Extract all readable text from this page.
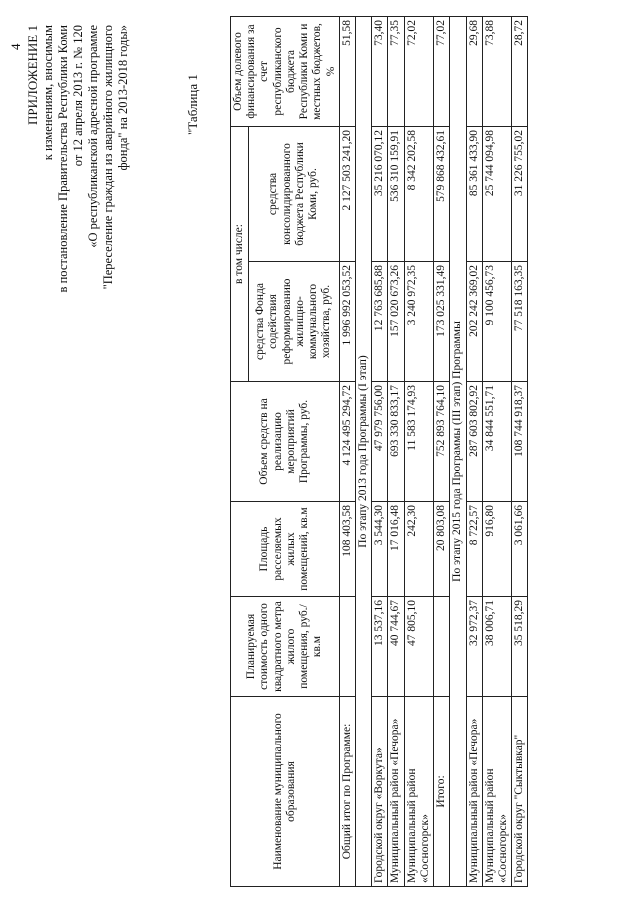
4 ПРИЛОЖЕНИЕ 1 к изменениям, вносимым в постановление Правительства Республики Коми от 12 апреля 2013 г. № 120 «О республиканской адресной программе "Переселение граждан из аварийного жилищного фонда" на 2013-2018 годы»	"Таблица 1
Наименование муниципального образования	Планируемая стоимость одного квадратного метра жилого помещения, руб./кв.м	Площадь расселяемых жилых помещений, кв.м	Объем средств на реализацию мероприятий Программы, руб.	в том числе:		Объем долевого финансирования за счет республиканского бюджета Республики Коми и местных бюджетов, %
				средства Фонда содействия реформированию жилищно-коммунального хозяйства, руб.	средства консолидированного бюджета Республики Коми, руб.	
Общий итог по Программе:		108 403,58	4 124 495 294,72	1 996 992 053,52	2 127 503 241,20	51,58
По этапу 2013 года Программы (I этап)						
Городской округ «Воркута»	13 537,16	3 544,30	47 979 756,00	12 763 685,88	35 216 070,12	73,40
Муниципальный район «Печора»	40 744,67	17 016,48	693 330 833,17	157 020 673,26	536 310 159,91	77,35
Муниципальный район «Сосногорск»	47 805,10	242,30	11 583 174,93	3 240 972,35	8 342 202,58	72,02
Итого:		20 803,08	752 893 764,10	173 025 331,49	579 868 432,61	77,02
По этапу 2015 года Программы (III этап) Программы						
Муниципальный район «Печора»	32 972,37	8 722,57	287 603 802,92	202 242 369,02	85 361 433,90	29,68
Муниципальный район «Сосногорск»	38 006,71	916,80	34 844 551,71	9 100 456,73	25 744 094,98	73,88
Городской округ "Сыктывкар"	35 518,29	3 061,66	108 744 918,37	77 518 163,35	31 226 755,02	28,72
